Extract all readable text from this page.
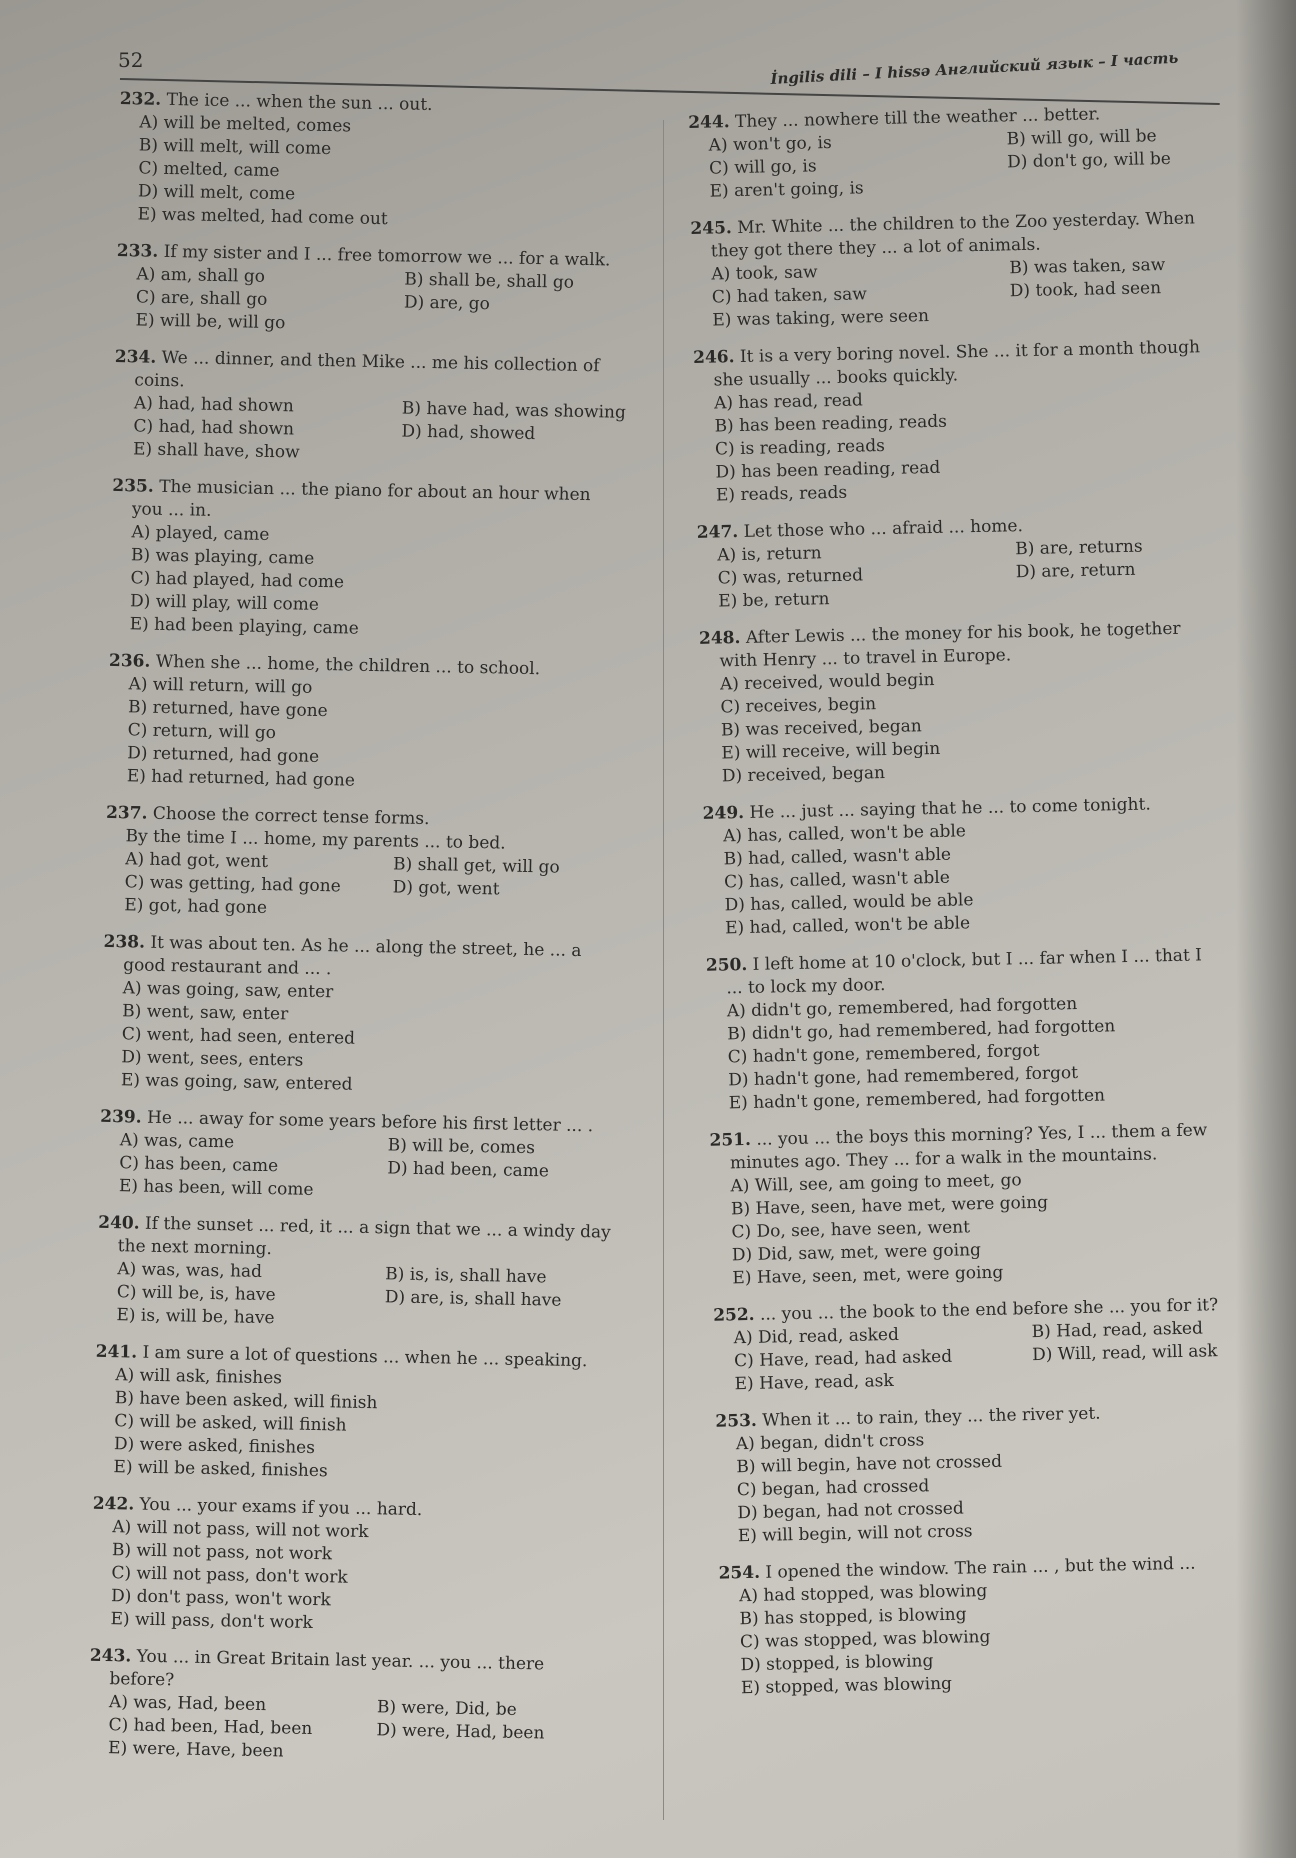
52	İngilis dili – I hissə Английский язык – I часть
232. The ice ... when the sun ... out.
A) will be melted, comes
B) will melt, will come
C) melted, came
D) will melt, come
E) was melted, had come out
233. If my sister and I ... free tomorrow we ... for a walk.
A) am, shall go	B) shall be, shall go
C) are, shall go	D) are, go
E) will be, will go
234. We ... dinner, and then Mike ... me his collection of
coins.
A) had, had shown	B) have had, was showing
C) had, had shown	D) had, showed
E) shall have, show
235. The musician ... the piano for about an hour when
you ... in.
A) played, came
B) was playing, came
C) had played, had come
D) will play, will come
E) had been playing, came
236. When she ... home, the children ... to school.
A) will return, will go
B) returned, have gone
C) return, will go
D) returned, had gone
E) had returned, had gone
237. Choose the correct tense forms.
By the time I ... home, my parents ... to bed.
A) had got, went	B) shall get, will go
C) was getting, had gone	D) got, went
E) got, had gone
238. It was about ten. As he ... along the street, he ... a
good restaurant and ... .
A) was going, saw, enter
B) went, saw, enter
C) went, had seen, entered
D) went, sees, enters
E) was going, saw, entered
239. He ... away for some years before his first letter ... .
A) was, came	B) will be, comes
C) has been, came	D) had been, came
E) has been, will come
240. If the sunset ... red, it ... a sign that we ... a windy day
the next morning.
A) was, was, had	B) is, is, shall have
C) will be, is, have	D) are, is, shall have
E) is, will be, have
241. I am sure a lot of questions ... when he ... speaking.
A) will ask, finishes
B) have been asked, will finish
C) will be asked, will finish
D) were asked, finishes
E) will be asked, finishes
242. You ... your exams if you ... hard.
A) will not pass, will not work
B) will not pass, not work
C) will not pass, don't work
D) don't pass, won't work
E) will pass, don't work
243. You ... in Great Britain last year. ... you ... there
before?
A) was, Had, been	B) were, Did, be
C) had been, Had, been	D) were, Had, been
E) were, Have, been
244. They ... nowhere till the weather ... better.
A) won't go, is	B) will go, will be
C) will go, is	D) don't go, will be
E) aren't going, is
245. Mr. White ... the children to the Zoo yesterday. When
they got there they ... a lot of animals.
A) took, saw	B) was taken, saw
C) had taken, saw	D) took, had seen
E) was taking, were seen
246. It is a very boring novel. She ... it for a month though
she usually ... books quickly.
A) has read, read
B) has been reading, reads
C) is reading, reads
D) has been reading, read
E) reads, reads
247. Let those who ... afraid ... home.
A) is, return	B) are, returns
C) was, returned	D) are, return
E) be, return
248. After Lewis ... the money for his book, he together
with Henry ... to travel in Europe.
A) received, would begin
C) receives, begin
B) was received, began
E) will receive, will begin
D) received, began
249. He ... just ... saying that he ... to come tonight.
A) has, called, won't be able
B) had, called, wasn't able
C) has, called, wasn't able
D) has, called, would be able
E) had, called, won't be able
250. I left home at 10 o'clock, but I ... far when I ... that I
... to lock my door.
A) didn't go, remembered, had forgotten
B) didn't go, had remembered, had forgotten
C) hadn't gone, remembered, forgot
D) hadn't gone, had remembered, forgot
E) hadn't gone, remembered, had forgotten
251. ... you ... the boys this morning? Yes, I ... them a few
minutes ago. They ... for a walk in the mountains.
A) Will, see, am going to meet, go
B) Have, seen, have met, were going
C) Do, see, have seen, went
D) Did, saw, met, were going
E) Have, seen, met, were going
252. ... you ... the book to the end before she ... you for it?
A) Did, read, asked	B) Had, read, asked
C) Have, read, had asked	D) Will, read, will ask
E) Have, read, ask
253. When it ... to rain, they ... the river yet.
A) began, didn't cross
B) will begin, have not crossed
C) began, had crossed
D) began, had not crossed
E) will begin, will not cross
254. I opened the window. The rain ... , but the wind ...
A) had stopped, was blowing
B) has stopped, is blowing
C) was stopped, was blowing
D) stopped, is blowing
E) stopped, was blowing
